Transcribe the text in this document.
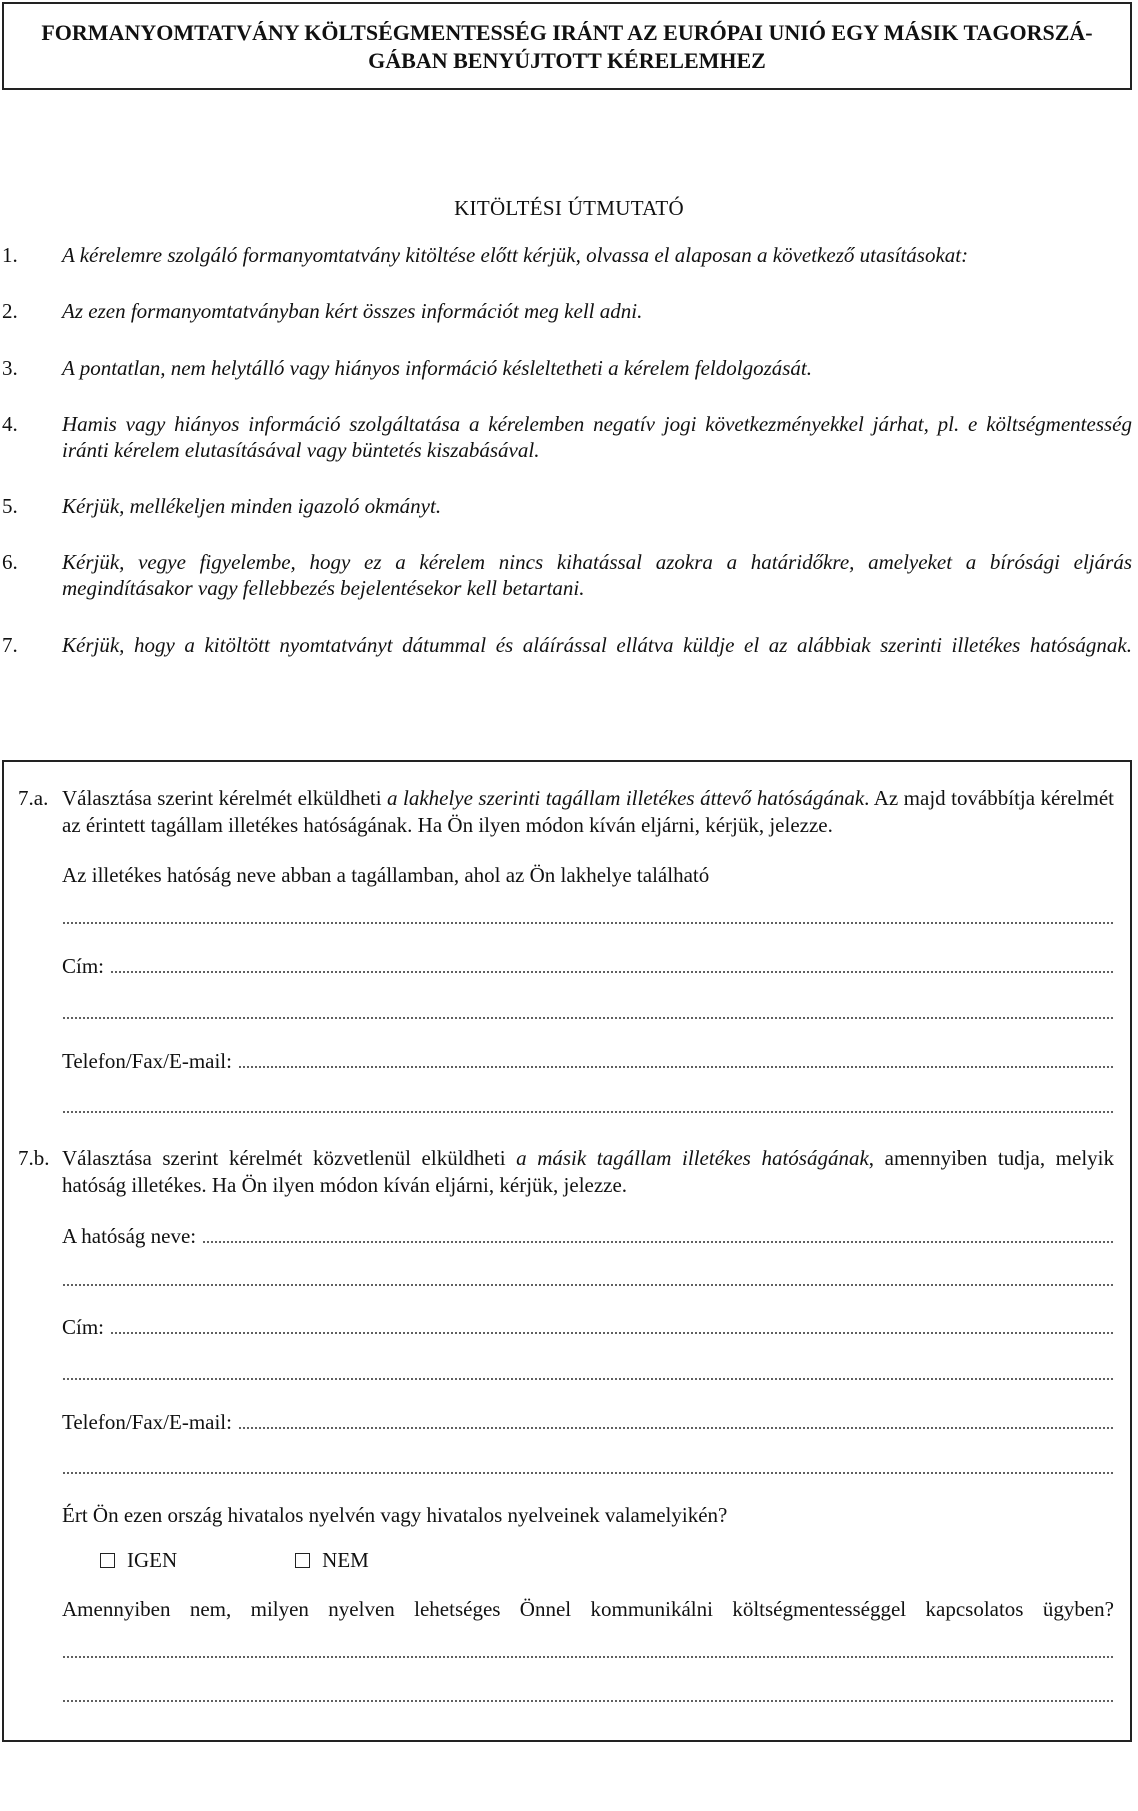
FORMANYOMTATVÁNY KÖLTSÉGMENTESSÉG IRÁNT AZ EURÓPAI UNIÓ EGY MÁSIK TAGORSZÁ-
GÁBAN BENYÚJTOTT KÉRELEMHEZ
KITÖLTÉSI ÚTMUTATÓ
1. A kérelemre szolgáló formanyomtatvány kitöltése előtt kérjük, olvassa el alaposan a következő utasításokat:
2. Az ezen formanyomtatványban kért összes információt meg kell adni.
3. A pontatlan, nem helytálló vagy hiányos információ késleltetheti a kérelem feldolgozását.
4. Hamis vagy hiányos információ szolgáltatása a kérelemben negatív jogi következményekkel járhat, pl. e költségmentesség iránti kérelem elutasításával vagy büntetés kiszabásával.
5. Kérjük, mellékeljen minden igazoló okmányt.
6. Kérjük, vegye figyelembe, hogy ez a kérelem nincs kihatással azokra a határidőkre, amelyeket a bírósági eljárás megindításakor vagy fellebbezés bejelentésekor kell betartani.
7. Kérjük, hogy a kitöltött nyomtatványt dátummal és aláírással ellátva küldje el az alábbiak szerinti illetékes hatóságnak.
7.a. Választása szerint kérelmét elküldheti a lakhelye szerinti tagállam illetékes áttevő hatóságának. Az majd továbbítja kérelmét az érintett tagállam illetékes hatóságának. Ha Ön ilyen módon kíván eljárni, kérjük, jelezze.
Az illetékes hatóság neve abban a tagállamban, ahol az Ön lakhelye található
Cím:
Telefon/Fax/E-mail:
7.b. Választása szerint kérelmét közvetlenül elküldheti a másik tagállam illetékes hatóságának, amennyiben tudja, melyik hatóság illetékes. Ha Ön ilyen módon kíván eljárni, kérjük, jelezze.
A hatóság neve:
Cím:
Telefon/Fax/E-mail:
Ért Ön ezen ország hivatalos nyelvén vagy hivatalos nyelveinek valamelyikén?
IGEN	NEM
Amennyiben nem, milyen nyelven lehetséges Önnel kommunikálni költségmentességgel kapcsolatos ügyben?
